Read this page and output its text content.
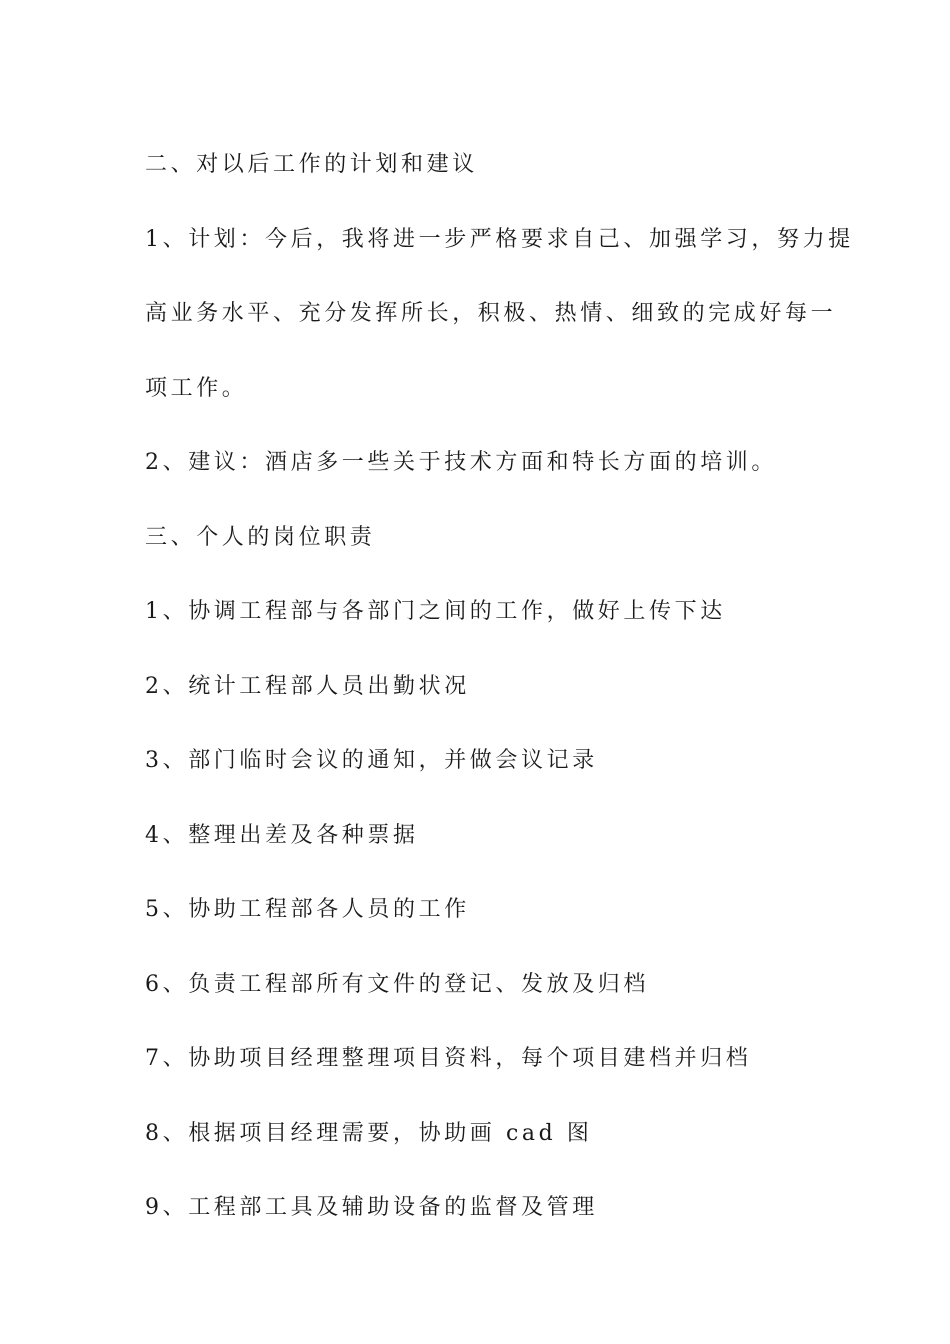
二、对以后工作的计划和建议

1、计划：今后，我将进一步严格要求自己、加强学习，努力提

高业务水平、充分发挥所长，积极、热情、细致的完成好每一

项工作。

2、建议：酒店多一些关于技术方面和特长方面的培训。

三、个人的岗位职责

1、协调工程部与各部门之间的工作，做好上传下达

2、统计工程部人员出勤状况

3、部门临时会议的通知，并做会议记录

4、整理出差及各种票据

5、协助工程部各人员的工作

6、负责工程部所有文件的登记、发放及归档

7、协助项目经理整理项目资料，每个项目建档并归档

8、根据项目经理需要，协助画 cad 图

9、工程部工具及辅助设备的监督及管理
